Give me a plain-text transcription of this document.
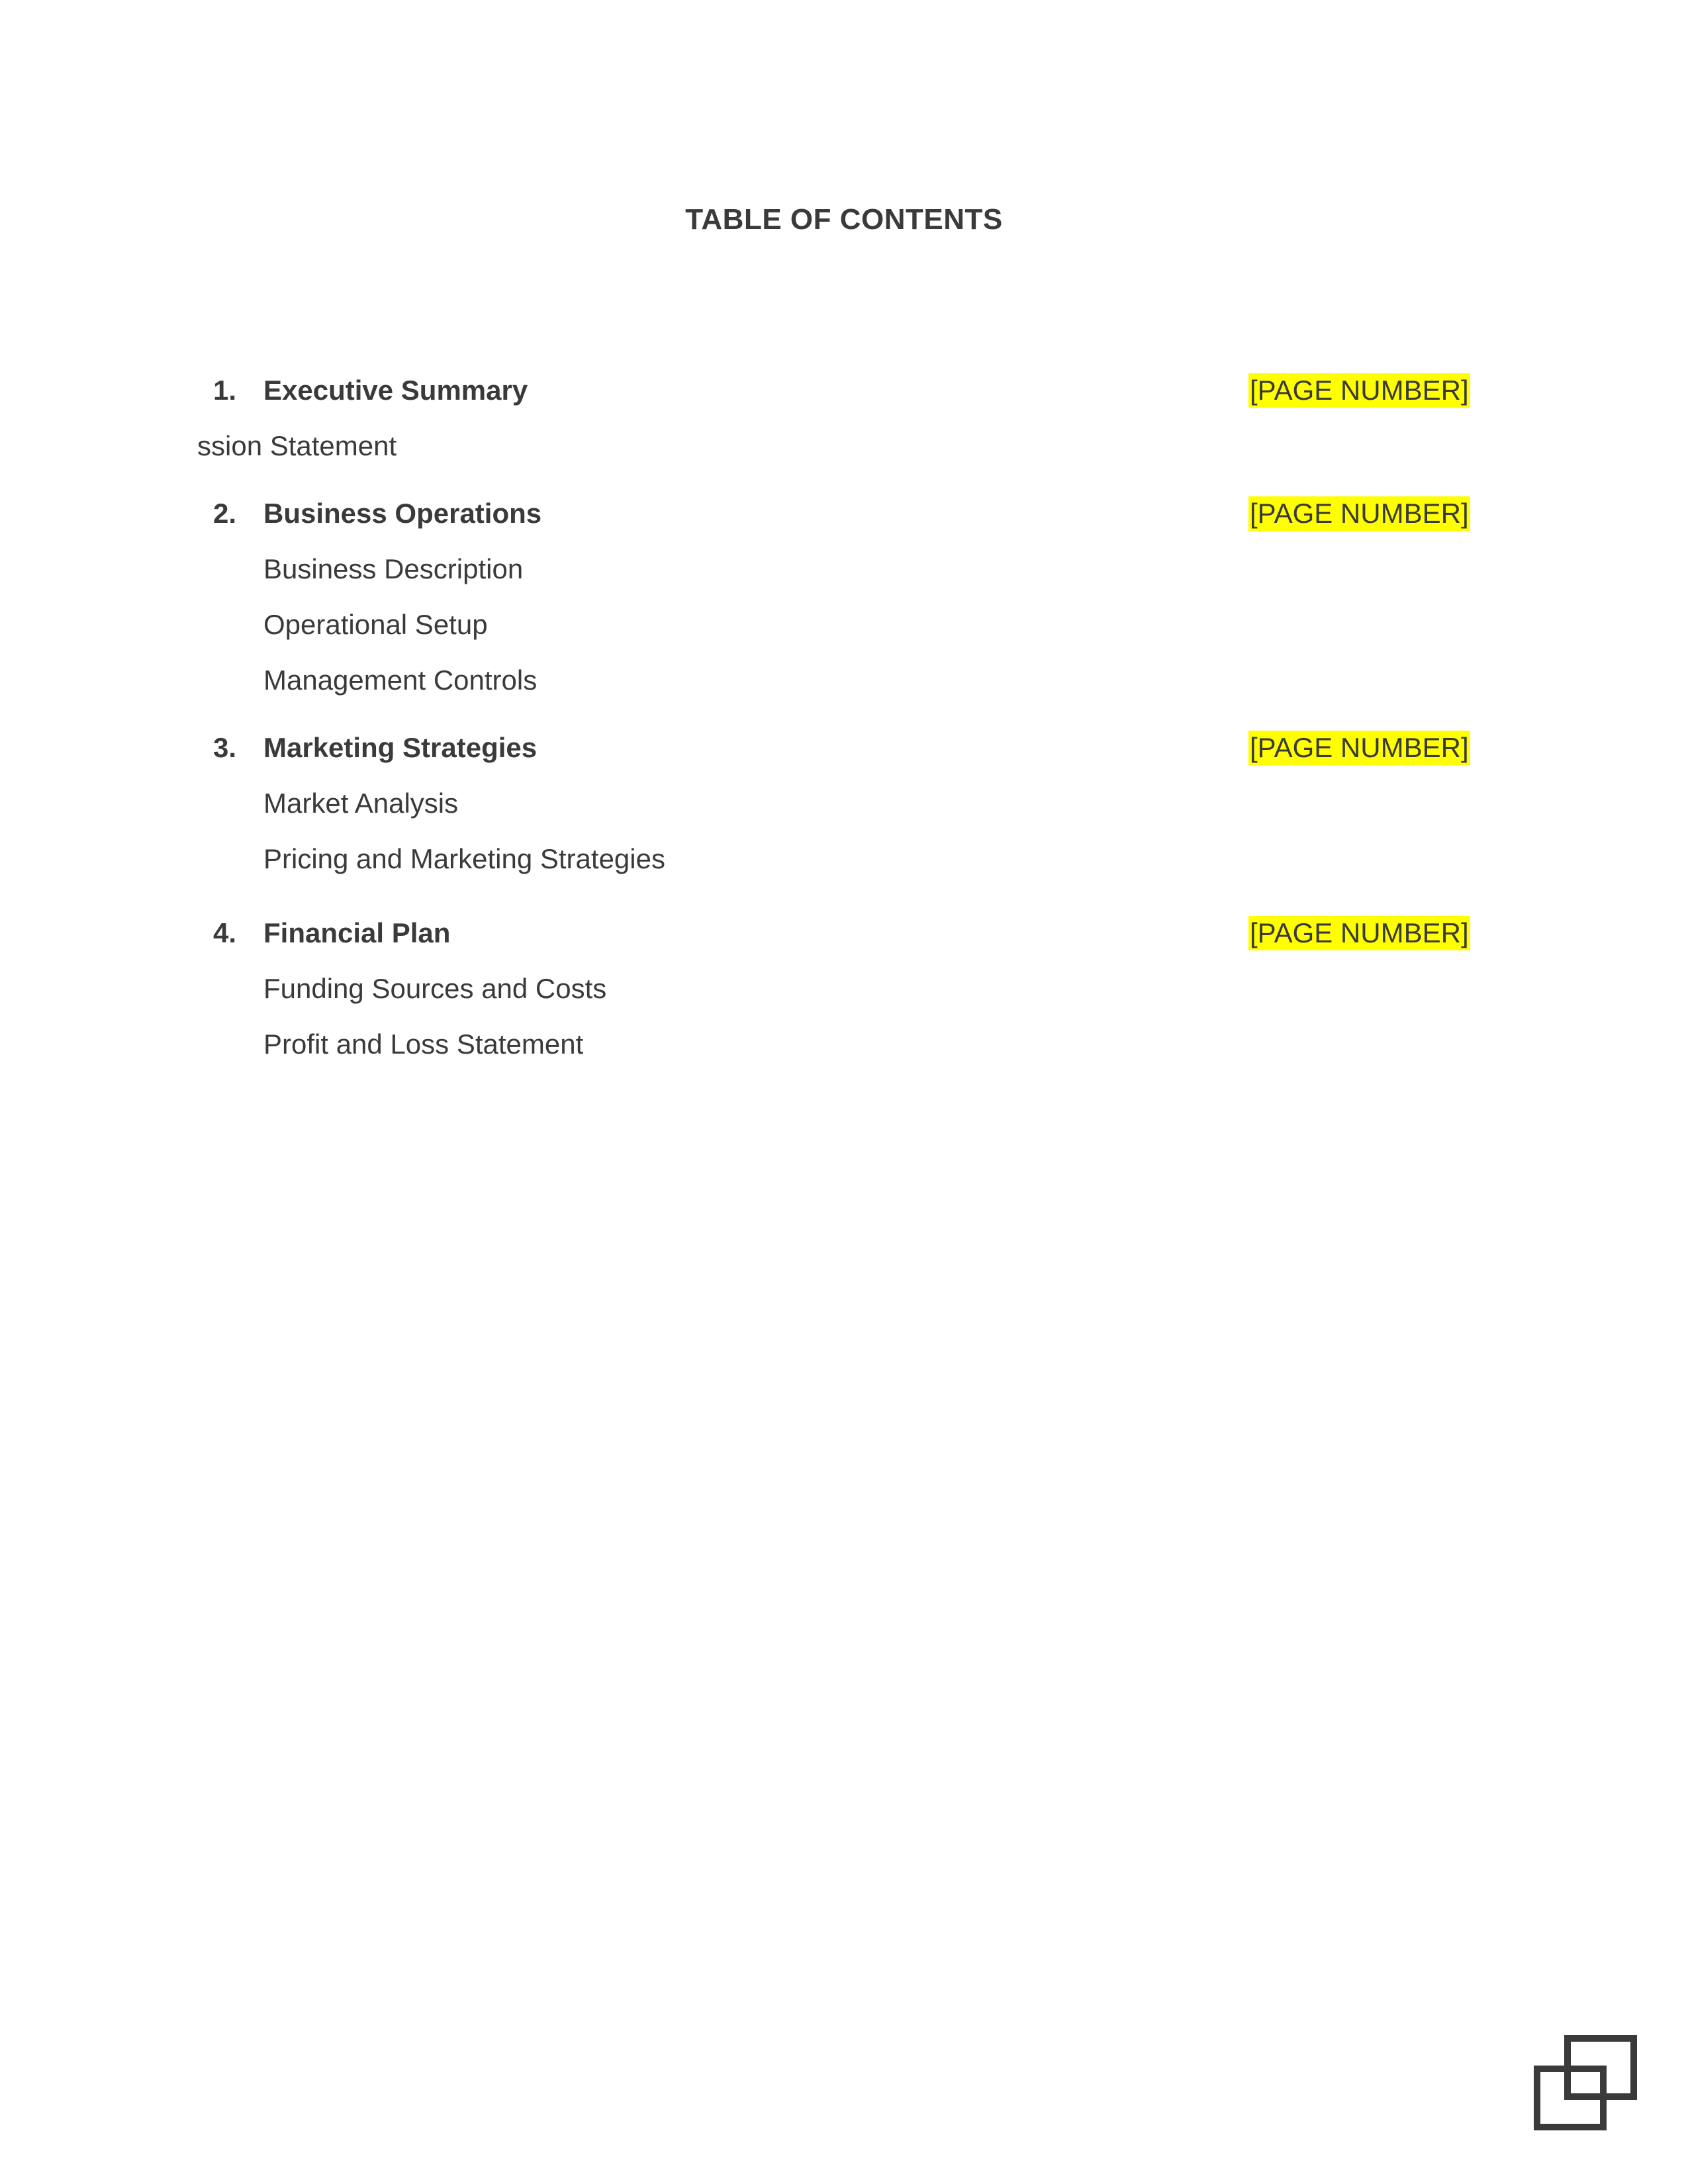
TABLE OF CONTENTS
1. Executive Summary	[PAGE NUMBER]
ssion Statement
2. Business Operations	[PAGE NUMBER]
Business Description
Operational Setup
Management Controls
3. Marketing Strategies	[PAGE NUMBER]
Market Analysis
Pricing and Marketing Strategies
4. Financial Plan	[PAGE NUMBER]
Funding Sources and Costs
Profit and Loss Statement
